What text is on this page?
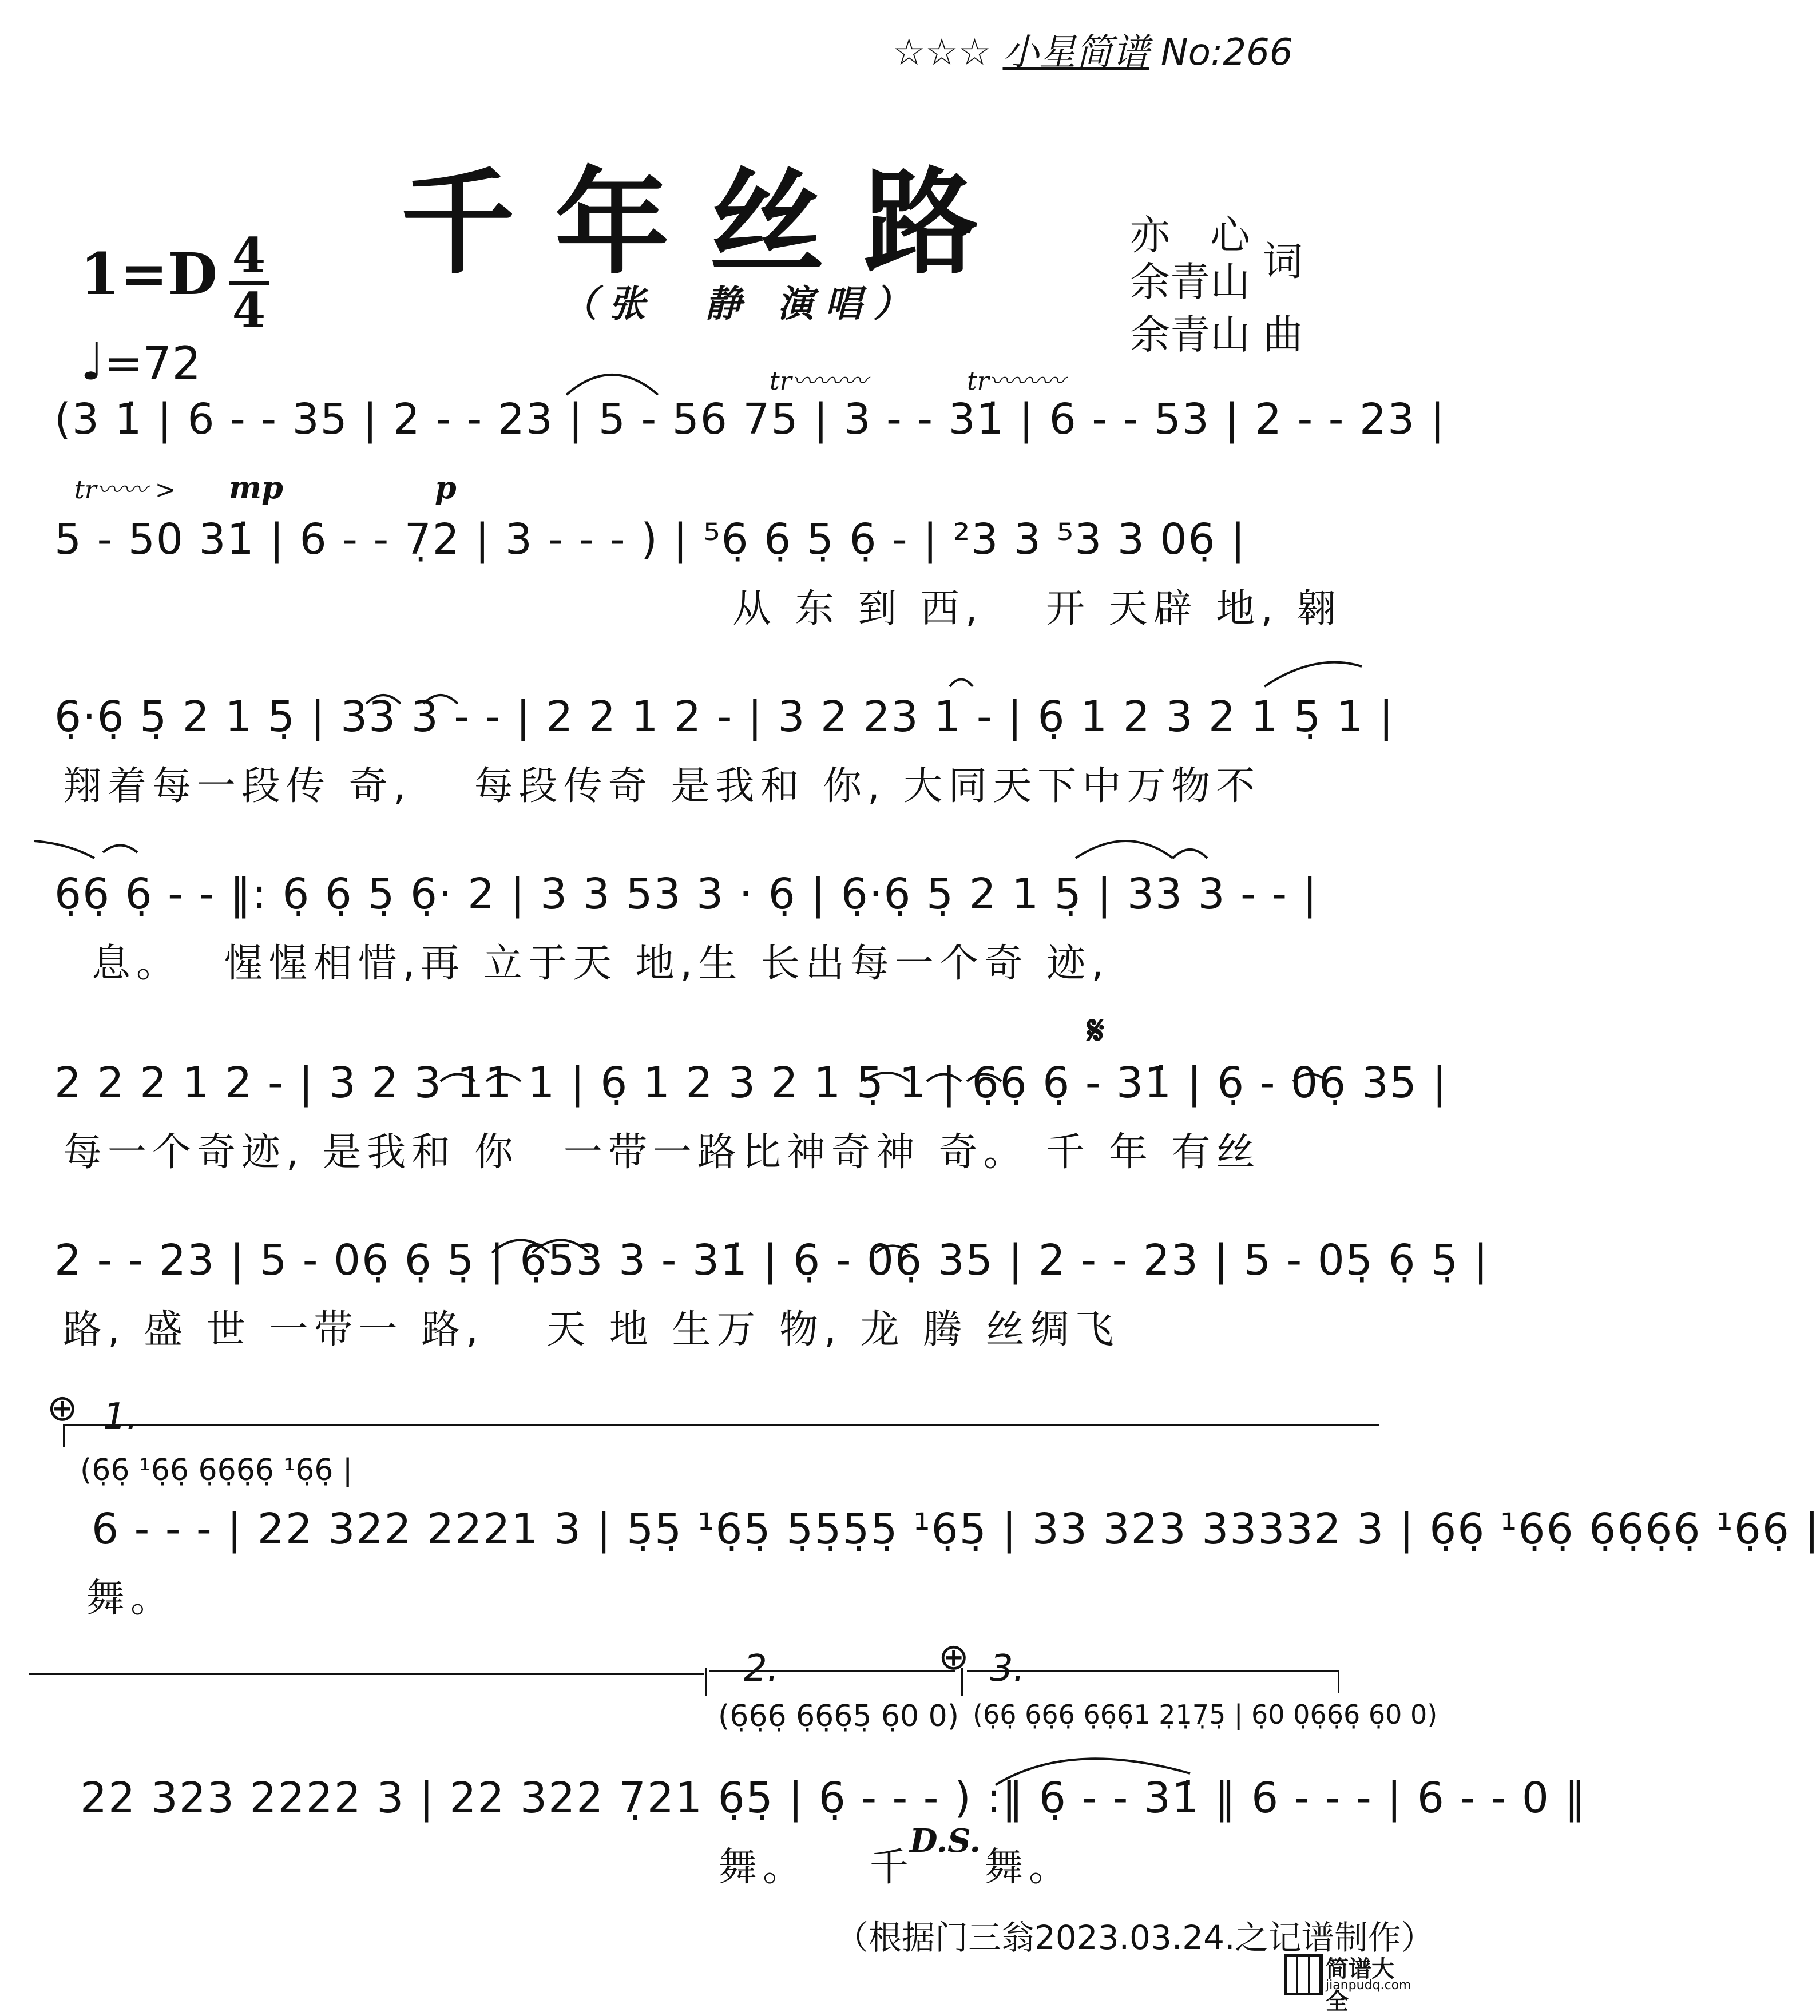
☆☆☆ 小星简谱 No:266
千年丝路
（张　静 演唱）
1=D 4
4
♩=72
亦　心
余青山 词
余青山 曲
tr〰〰〰	tr〰〰〰
tr〰〰 > mp	p
𝄋
(3 1̇ | 6 - - 35 | 2 - - 23 | 5 - 56 75 | 3 - - 31̇ | 6 - - 53 | 2 - - 23 |
5 - 50 31̇ | 6 - - 7̣2 | 3 - - - ) | ⁵6̣ 6̣ 5̣ 6̣ - | ²3 3 ⁵3 3 06̣ |
从 东 到 西,　 开 天辟 地, 翱
6̣·6̣ 5̣ 2 1 5̣ | 33 3 - - | 2 2 1 2 - | 3 2 23 1 - | 6̣ 1 2 3 2 1 5̣ 1 |
翔着每一段传 奇,　 每段传奇 是我和 你, 大同天下中万物不
6̣6̣ 6̣ - - ‖: 6̣ 6̣ 5̣ 6̣· 2 | 3 3 53 3 · 6̣ | 6̣·6̣ 5̣ 2 1 5̣ | 33 3 - - |
息。　 惺惺相惜,再 立于天 地,生 长出每一个奇 迹,
2 2 2 1 2 - | 3 2 3 11 1 | 6̣ 1 2 3 2 1 5̣ 1 | 6̣6̣ 6̣ - 31̇ | 6̣ - 06̣ 35 |
每一个奇迹, 是我和 你　一带一路比神奇神 奇。 千 年 有丝
2 - - 23 | 5 - 06̣ 6̣ 5̣ | 6̣53 3 - 31̇ | 6̣ - 06̣ 35 | 2 - - 23 | 5 - 05̣ 6̣ 5̣ |
路, 盛 世 一带一 路,　 天 地 生万 物, 龙 腾 丝绸飞
⊕ 1.
(6̣6̣ ¹6̣6̣ 6̣6̣6̣6̣ ¹6̣6̣ |
6 - - - | 22 322 2221 3 | 5̣5̣ ¹6̣5̣ 5̣5̣5̣5̣ ¹6̣5̣ | 33 323 33332 3 | 6̣6̣ ¹6̣6̣ 6̣6̣6̣6̣ ¹6̣6̣ |
舞。
2.
(6̣6̣6̣ 6̣6̣6̣5̣ 6̣0 0)
⊕ 3.
(6̣6̣ 6̣6̣6̣ 6̣6̣6̣1 2̣1̣7̣5̣ | 6̣0 0̣6̣6̣6̣ 6̣0 0)
22 323 2222 3 | 22 322 7̣21 6̣5̣ | 6̣ - - - ) :‖ 6̣ - - 31̇ ‖ 6 - - - | 6 - - 0 ‖
舞。 千
D.S.
舞。
（根据门三翁2023.03.24.之记谱制作）
简谱大全
jianpudq.com
